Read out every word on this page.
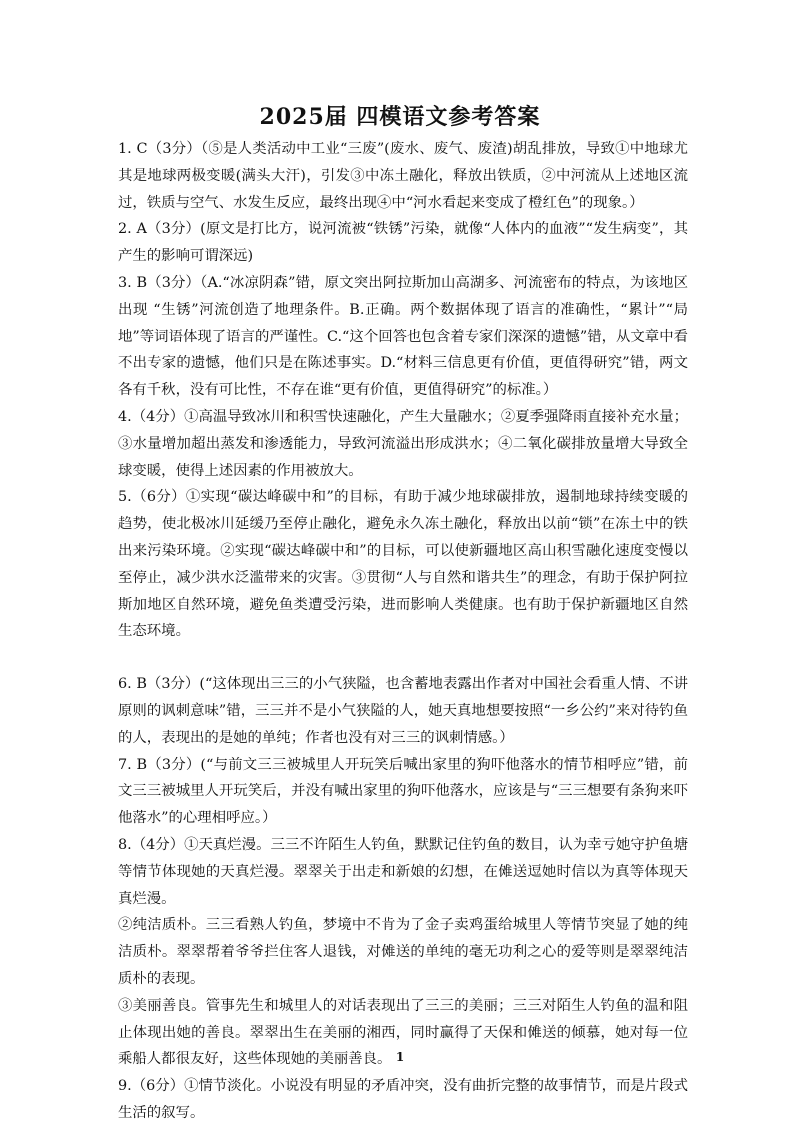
2025届 四模语文参考答案

1. C（3分）（⑤是人类活动中工业“三废”(废水、废气、废渣)胡乱排放，导致①中地球尤其是地球两极变暖(满头大汗)，引发③中冻土融化，释放出铁质，②中河流从上述地区流过，铁质与空气、水发生反应，最终出现④中“河水看起来变成了橙红色”的现象。）

2. A（3分）(原文是打比方，说河流被“铁锈”污染，就像“人体内的血液”“发生病变”，其产生的影响可谓深远)

3. B（3分）（A.“冰凉阴森”错，原文突出阿拉斯加山高湖多、河流密布的特点，为该地区出现 “生锈”河流创造了地理条件。B.正确。两个数据体现了语言的准确性，“累计”“局地”等词语体现了语言的严谨性。C.“这个回答也包含着专家们深深的遗憾”错，从文章中看不出专家的遗憾，他们只是在陈述事实。D.“材料三信息更有价值，更值得研究”错，两文各有千秋，没有可比性，不存在谁“更有价值，更值得研究”的标准。）

4.（4分）①高温导致冰川和积雪快速融化，产生大量融水；②夏季强降雨直接补充水量；③水量增加超出蒸发和渗透能力，导致河流溢出形成洪水；④二氧化碳排放量增大导致全球变暖，使得上述因素的作用被放大。

5.（6分）①实现“碳达峰碳中和”的目标，有助于减少地球碳排放，遏制地球持续变暖的趋势，使北极冰川延缓乃至停止融化，避免永久冻土融化，释放出以前“锁”在冻土中的铁出来污染环境。②实现“碳达峰碳中和”的目标，可以使新疆地区高山积雪融化速度变慢以至停止，减少洪水泛滥带来的灾害。③贯彻“人与自然和谐共生”的理念，有助于保护阿拉斯加地区自然环境，避免鱼类遭受污染，进而影响人类健康。也有助于保护新疆地区自然生态环境。

6. B（3分）(“这体现出三三的小气狭隘，也含蓄地表露出作者对中国社会看重人情、不讲原则的讽刺意味”错，三三并不是小气狭隘的人，她天真地想要按照“一乡公约”来对待钓鱼的人，表现出的是她的单纯；作者也没有对三三的讽刺情感。）

7. B（3分）(“与前文三三被城里人开玩笑后喊出家里的狗吓他落水的情节相呼应”错，前文三三被城里人开玩笑后，并没有喊出家里的狗吓他落水，应该是与“三三想要有条狗来吓他落水”的心理相呼应。）

8.（4分）①天真烂漫。三三不许陌生人钓鱼，默默记住钓鱼的数目，认为幸亏她守护鱼塘等情节体现她的天真烂漫。翠翠关于出走和新娘的幻想，在傩送逗她时信以为真等体现天真烂漫。

②纯洁质朴。三三看熟人钓鱼，梦境中不肯为了金子卖鸡蛋给城里人等情节突显了她的纯洁质朴。翠翠帮着爷爷拦住客人退钱，对傩送的单纯的毫无功利之心的爱等则是翠翠纯洁质朴的表现。

③美丽善良。管事先生和城里人的对话表现出了三三的美丽；三三对陌生人钓鱼的温和阻止体现出她的善良。翠翠出生在美丽的湘西，同时赢得了天保和傩送的倾慕，她对每一位乘船人都很友好，这些体现她的美丽善良。

9.（6分）①情节淡化。小说没有明显的矛盾冲突，没有曲折完整的故事情节，而是片段式生活的叙写。

1
